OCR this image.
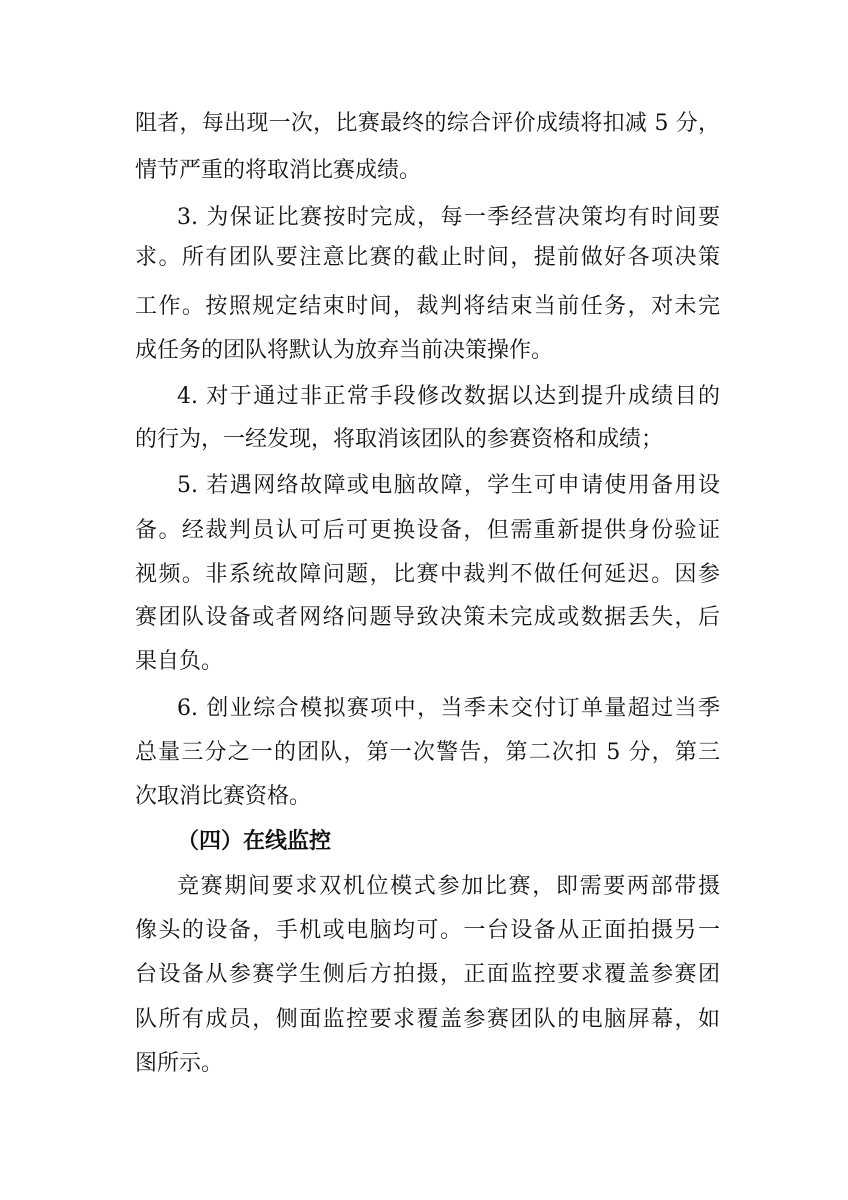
阻者，每出现一次，比赛最终的综合评价成绩将扣减 5 分，
情节严重的将取消比赛成绩。
3. 为保证比赛按时完成，每一季经营决策均有时间要
求。所有团队要注意比赛的截止时间，提前做好各项决策
工作。按照规定结束时间，裁判将结束当前任务，对未完
成任务的团队将默认为放弃当前决策操作。
4. 对于通过非正常手段修改数据以达到提升成绩目的
的行为，一经发现，将取消该团队的参赛资格和成绩；
5. 若遇网络故障或电脑故障，学生可申请使用备用设
备。经裁判员认可后可更换设备，但需重新提供身份验证
视频。非系统故障问题，比赛中裁判不做任何延迟。因参
赛团队设备或者网络问题导致决策未完成或数据丢失，后
果自负。
6. 创业综合模拟赛项中，当季未交付订单量超过当季
总量三分之一的团队，第一次警告，第二次扣 5 分，第三
次取消比赛资格。
（四）在线监控
竞赛期间要求双机位模式参加比赛，即需要两部带摄
像头的设备，手机或电脑均可。一台设备从正面拍摄另一
台设备从参赛学生侧后方拍摄，正面监控要求覆盖参赛团
队所有成员，侧面监控要求覆盖参赛团队的电脑屏幕，如
图所示。
